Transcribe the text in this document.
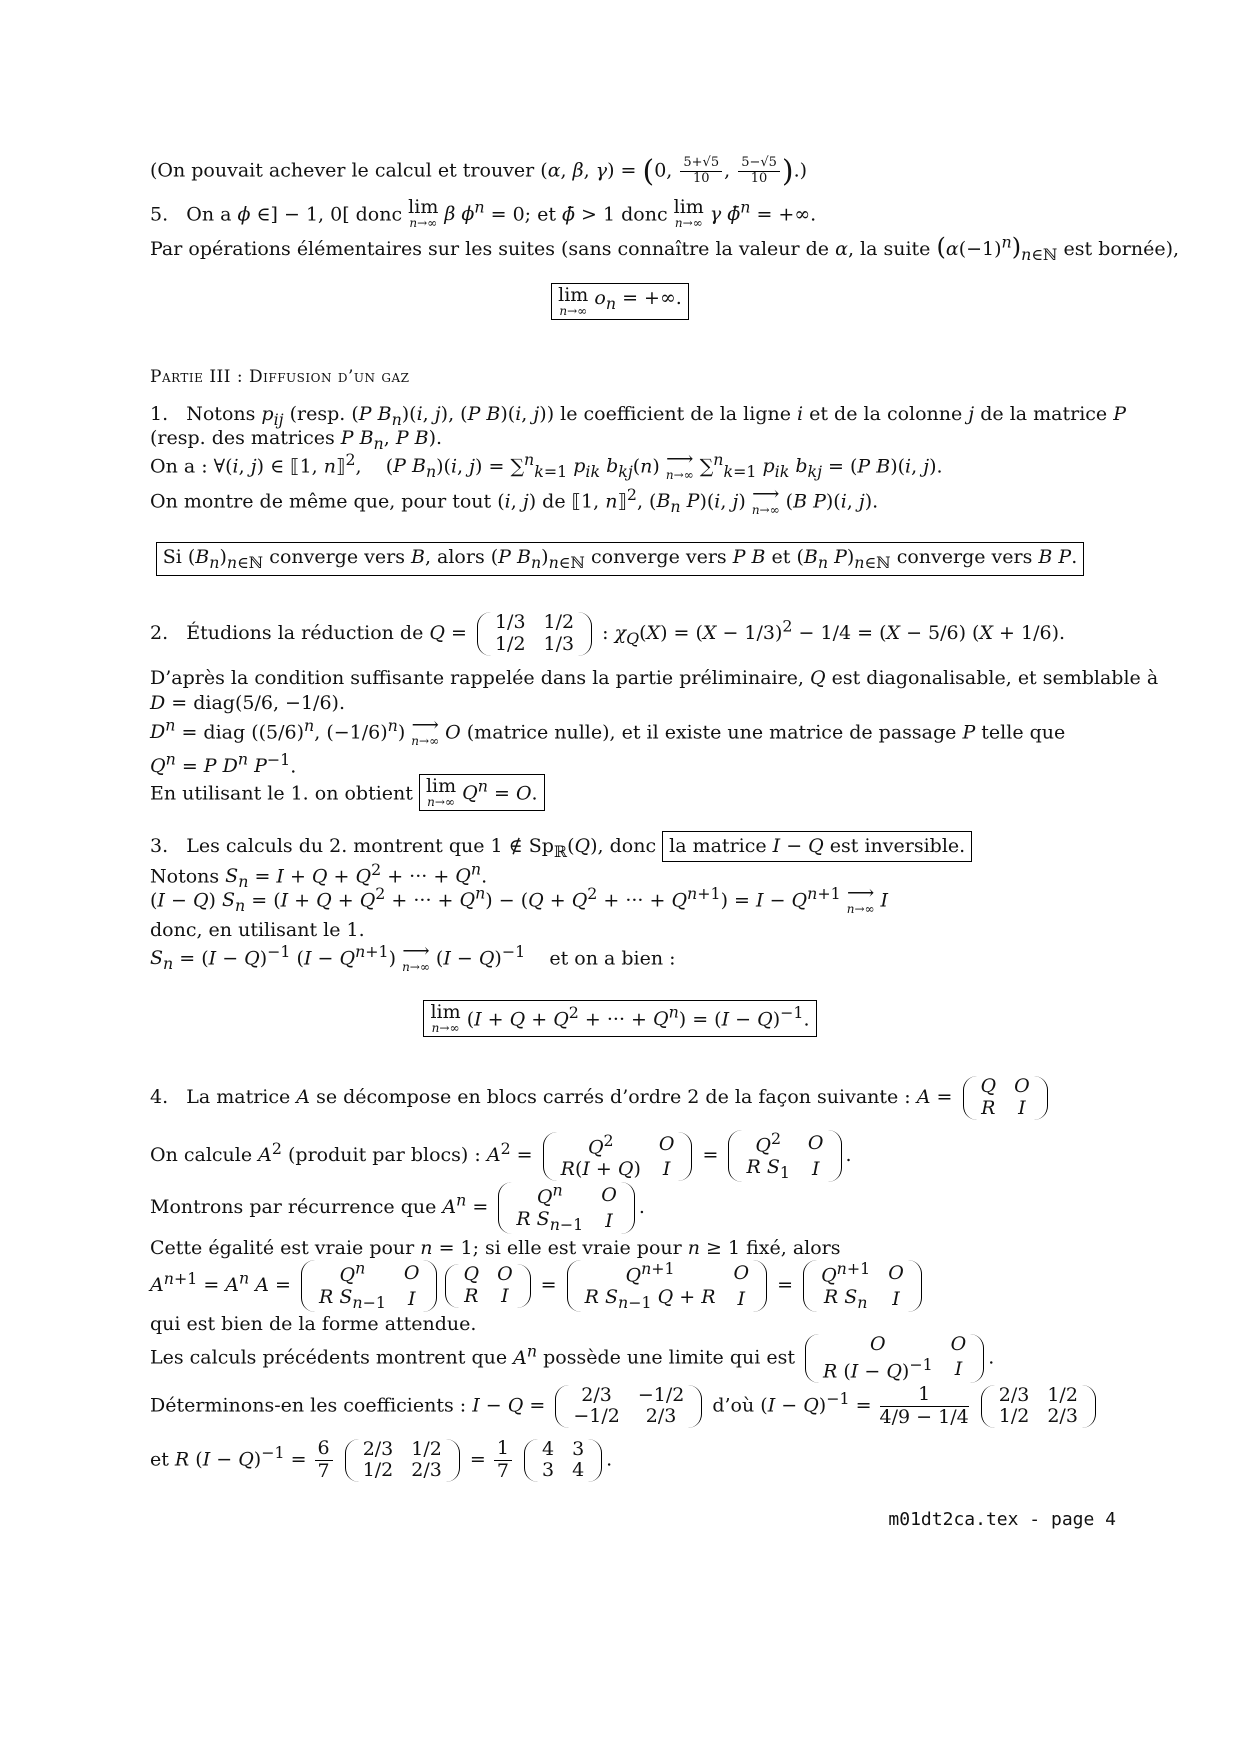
(On pouvait achever le calcul et trouver (α, β, γ) = (0, $\frac{5+√5}{10}$ , $\frac{5-√5}{10}$ ).)
5.   On a ϕ ∈] − 1, 0[ donc lim
n→∞ β $\phi^n = 0$; et ϕ̄ > 1 donc lim
n→∞ γ ϕ̄$^n$ = +∞.
Par opérations élémentaires sur les suites (sans connaître la valeur de α, la suite $(\alpha(-1)^n)_{n\in ℕ}$ est bornée),
lim
n→∞
$o_n$ = +∞.
Partie III : Diffusion d’un gaz
1.   Notons $p_{ij}$ (resp. (P $B_n)(i$, j), (P B)(i, j)) le coefficient de la ligne i et de la colonne j de la matrice P
(resp. des matrices P $B_n$, P B).
On a : ∀(i, j) ∈ ⟦1, n⟧$^2$,    (P $B_n)(i$, j) = ∑$^n_{k=1}$ $p_{ik}$ $b_{kj}(n)$ ⟶
n→∞ ∑$^n_{k=1}$ $p_{ik}$ $b_{kj} = (P$ B)(i, j).
On montre de même que, pour tout (i, j) de ⟦1, n⟧$^2$, ($B_n$ P)(i, j) ⟶
n→∞ (B P)(i, j).
Si $(B_n)_{n\in ℕ}$ converge vers B, alors (P $B_n)_{n\in ℕ}$ converge vers P B et ($B_n$ $P)_{n\in ℕ}$ converge vers B P.
2.   Étudions la réduction de Q = 1/3	1/2
1/2	1/3 : $\chi_Q(X) = (X - 1/3)^2 - 1/4 = (X - 5/6) (X + 1/6)$.
D’après la condition suffisante rappelée dans la partie préliminaire, Q est diagonalisable, et semblable à
D = diag(5/6, −1/6).
$D^n$ = diag ($(5/6)^n$, $(-1/6)^n$) ⟶
n→∞ O (matrice nulle), et il existe une matrice de passage P telle que
$Q^n = P$ $D^n$ $P^{-1}$.
En utilisant le 1. on obtient lim
n→∞ $Q^n = O$.
3.   Les calculs du 2. montrent que 1 ∉ $Sp_ℝ(Q)$, donc la matrice I − Q est inversible.
Notons $S_n = I + Q + Q^2$ + ··· + $Q^n$.
(I − Q) $S_n = (I + Q + Q^2$ + ··· + $Q^n) - (Q + Q^2$ + ··· + $Q^{n+1}) = I - Q^{n+1}$ ⟶
n→∞ I
donc, en utilisant le 1.
$S_n = (I - Q)^{-1}$ $(I - Q^{n+1})$ ⟶
n→∞ $(I - Q)^{-1}$    et on a bien :
lim
n→∞ ($I + Q + Q^2$ + ··· + $Q^n) = (I - Q)^{-1}$.
4.   La matrice A se décompose en blocs carrés d’ordre 2 de la façon suivante : A = Q	O
R	I
On calcule $A^2$ (produit par blocs) : $A^2$ =	$Q^2$	O
R(I + Q)	I
= $Q^2$	O
R $S_1$	I
.
Montrons par récurrence que $A^n = Q^n$	O
R $S_{n-1}$	I
.
Cette égalité est vraie pour n = 1; si elle est vraie pour n ≥ 1 fixé, alors
$A^{n+1} = A^n$ $A = Q^n$	O
R $S_{n-1}$	I
Q	O
R	I =	$Q^{n+1}$	O
R $S_{n-1}$ Q + R	I
= $Q^{n+1}$	O
R $S_n$	I
qui est bien de la forme attendue.
Les calculs précédents montrent que $A^n$ possède une limite qui est
O	O
R $(I - Q)^{-1}$	I .
Déterminons-en les coefficients : I − Q = 2/3	−1/2
−1/2	2/3 d’où $(I - Q)^{-1} = \frac{1}{4/9 - 1/4}$
2/3	1/2
1/2	2/3
et R $(I - Q)^{-1} = \frac{6}{7}$
2/3	1/2
1/2	$2/3 = \frac{1}{7}$
4	3
3	4 .
m01dt2ca.tex - page 4
